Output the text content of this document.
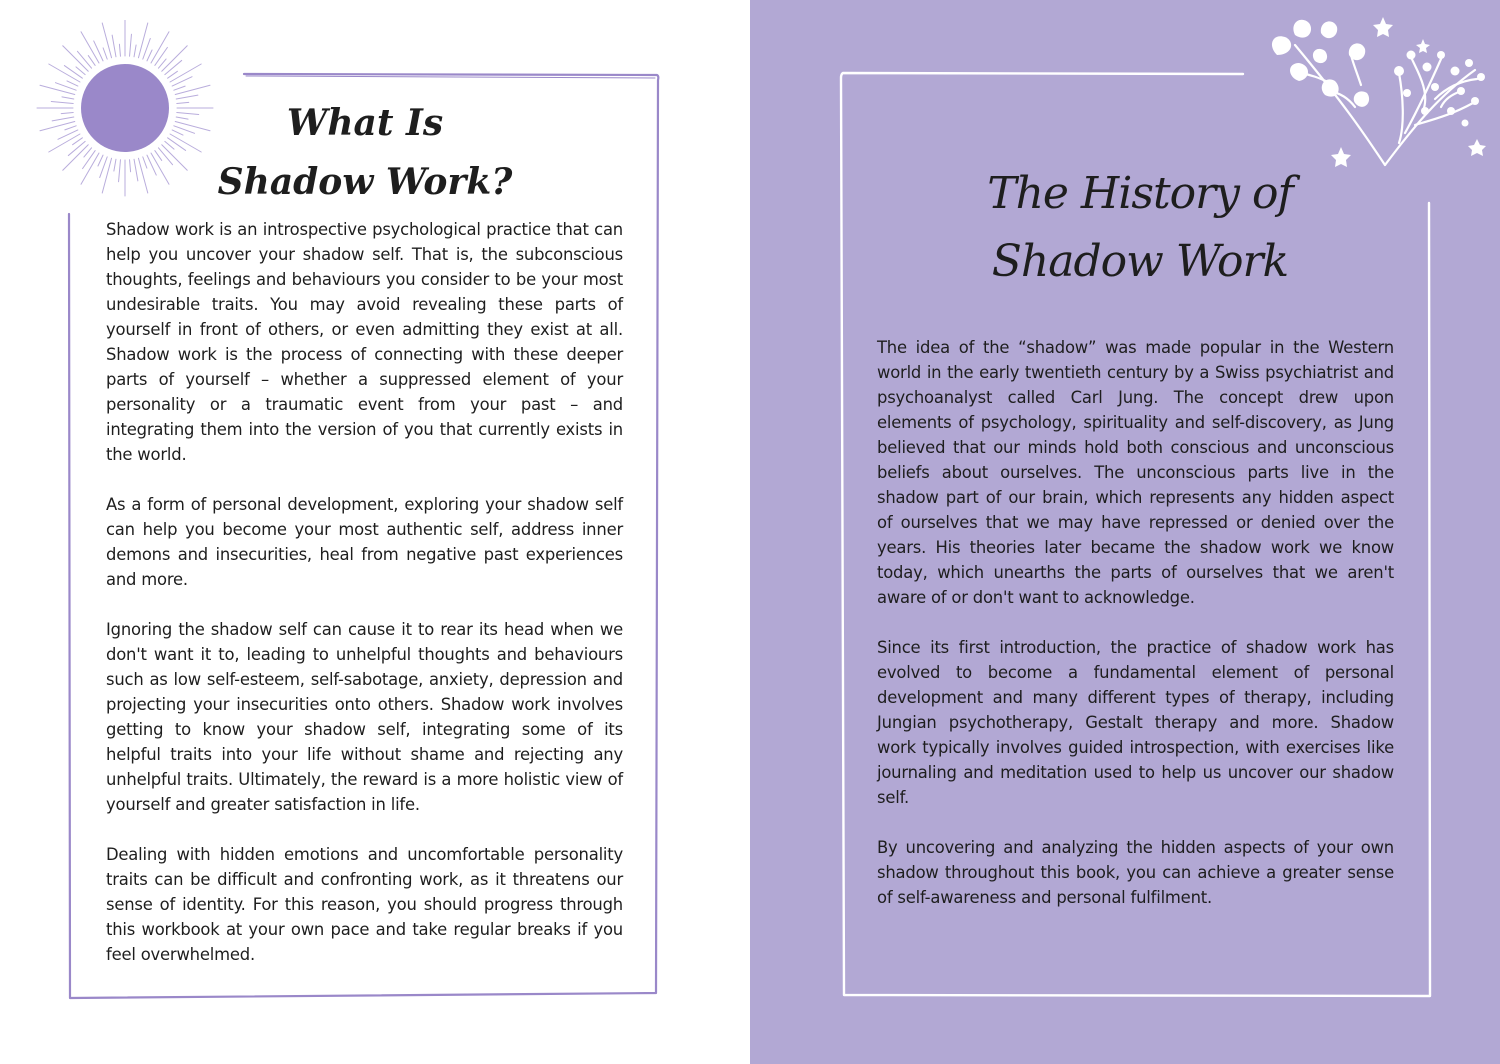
What Is
Shadow Work?

Shadow work is an introspective psychological practice that can help you uncover your shadow self. That is, the subconscious thoughts, feelings and behaviours you consider to be your most undesirable traits. You may avoid revealing these parts of yourself in front of others, or even admitting they exist at all. Shadow work is the process of connecting with these deeper parts of yourself – whether a suppressed element of your personality or a traumatic event from your past – and integrating them into the version of you that currently exists in the world.

As a form of personal development, exploring your shadow self can help you become your most authentic self, address inner demons and insecurities, heal from negative past experiences and more.

Ignoring the shadow self can cause it to rear its head when we don't want it to, leading to unhelpful thoughts and behaviours such as low self-esteem, self-sabotage, anxiety, depression and projecting your insecurities onto others. Shadow work involves getting to know your shadow self, integrating some of its helpful traits into your life without shame and rejecting any unhelpful traits. Ultimately, the reward is a more holistic view of yourself and greater satisfaction in life.

Dealing with hidden emotions and uncomfortable personality traits can be difficult and confronting work, as it threatens our sense of identity. For this reason, you should progress through this workbook at your own pace and take regular breaks if you feel overwhelmed.

The History of
Shadow Work

The idea of the “shadow” was made popular in the Western world in the early twentieth century by a Swiss psychiatrist and psychoanalyst called Carl Jung. The concept drew upon elements of psychology, spirituality and self-discovery, as Jung believed that our minds hold both conscious and unconscious beliefs about ourselves. The unconscious parts live in the shadow part of our brain, which represents any hidden aspect of ourselves that we may have repressed or denied over the years. His theories later became the shadow work we know today, which unearths the parts of ourselves that we aren't aware of or don't want to acknowledge.

Since its first introduction, the practice of shadow work has evolved to become a fundamental element of personal development and many different types of therapy, including Jungian psychotherapy, Gestalt therapy and more. Shadow work typically involves guided introspection, with exercises like journaling and meditation used to help us uncover our shadow self.

By uncovering and analyzing the hidden aspects of your own shadow throughout this book, you can achieve a greater sense of self-awareness and personal fulfilment.
